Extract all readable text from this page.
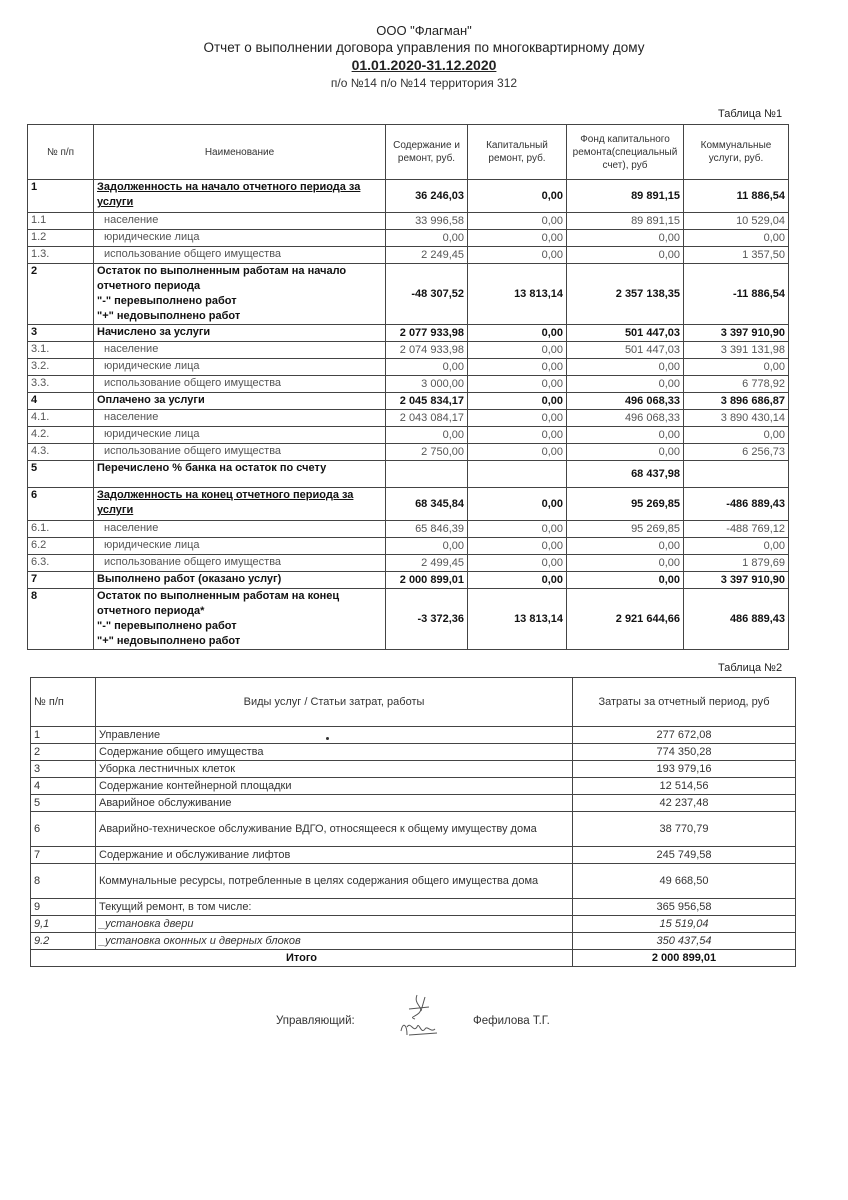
ООО "Флагман"
Отчет о выполнении договора управления по многоквартирному дому
01.01.2020-31.12.2020
п/о №14 п/о №14 территория 312
Таблица №1
№ п/п	Наименование	Содержание и ремонт, руб.	Капитальный ремонт, руб.	Фонд капитального ремонта(специальный счет), руб	Коммунальные услуги, руб.
1	Задолженность на начало отчетного периода за услуги	36 246,03	0,00	89 891,15	11 886,54
1.1	население	33 996,58	0,00	89 891,15	10 529,04
1.2	юридические лица	0,00	0,00	0,00	0,00
1.3.	использование общего имущества	2 249,45	0,00	0,00	1 357,50
2	Остаток по выполненным работам на начало отчетного периода
"-" перевыполнено работ
"+" недовыполнено работ	-48 307,52	13 813,14	2 357 138,35	-11 886,54
3	Начислено за услуги	2 077 933,98	0,00	501 447,03	3 397 910,90
3.1.	население	2 074 933,98	0,00	501 447,03	3 391 131,98
3.2.	юридические лица	0,00	0,00	0,00	0,00
3.3.	использование общего имущества	3 000,00	0,00	0,00	6 778,92
4	Оплачено за услуги	2 045 834,17	0,00	496 068,33	3 896 686,87
4.1.	население	2 043 084,17	0,00	496 068,33	3 890 430,14
4.2.	юридические лица	0,00	0,00	0,00	0,00
4.3.	использование общего имущества	2 750,00	0,00	0,00	6 256,73
5	Перечислено % банка на остаток по счету			68 437,98	
6	Задолженность на конец отчетного периода за услуги	68 345,84	0,00	95 269,85	-486 889,43
6.1.	население	65 846,39	0,00	95 269,85	-488 769,12
6.2	юридические лица	0,00	0,00	0,00	0,00
6.3.	использование общего имущества	2 499,45	0,00	0,00	1 879,69
7	Выполнено работ (оказано услуг)	2 000 899,01	0,00	0,00	3 397 910,90
8	Остаток по выполненным работам на конец отчетного периода*
"-" перевыполнено работ
"+" недовыполнено работ	-3 372,36	13 813,14	2 921 644,66	486 889,43
Таблица №2
№ п/п	Виды услуг / Статьи затрат, работы	Затраты за отчетный период, руб
1	Управление	277 672,08
2	Содержание общего имущества	774 350,28
3	Уборка лестничных клеток	193 979,16
4	Содержание контейнерной площадки	12 514,56
5	Аварийное обслуживание	42 237,48
6	Аварийно-техническое обслуживание ВДГО, относящееся к общему имуществу дома	38 770,79
7	Содержание и обслуживание лифтов	245 749,58
8	Коммунальные ресурсы, потребленные в целях содержания общего имущества дома	49 668,50
9	Текущий ремонт, в том числе:	365 956,58
9,1	_установка двери	15 519,04
9.2	_установка оконных и дверных блоков	350 437,54
Итого		2 000 899,01
Управляющий:	Фефилова Т.Г.
